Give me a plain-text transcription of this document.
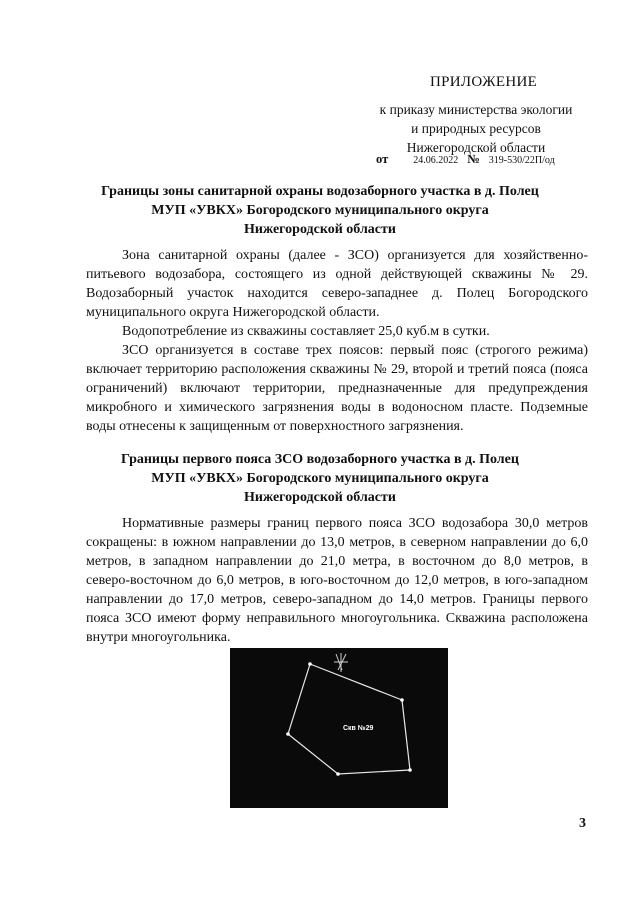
ПРИЛОЖЕНИЕ
к приказу министерства экологии
и природных ресурсов
Нижегородской области
от	24.06.2022 № 319-530/22П/од
Границы зоны санитарной охраны водозаборного участка в д. Полец
МУП «УВКХ» Богородского муниципального округа
Нижегородской области

Зона санитарной охраны (далее - ЗСО) организуется для хозяйственно-питьевого водозабора, состоящего из одной действующей скважины № 29. Водозаборный участок находится северо-западнее д. Полец Богородского муниципального округа Нижегородской области.

Водопотребление из скважины составляет 25,0 куб.м в сутки.

ЗСО организуется в составе трех поясов: первый пояс (строгого режима) включает территорию расположения скважины № 29, второй и третий пояса (пояса ограничений) включают территории, предназначенные для предупреждения микробного и химического загрязнения воды в водоносном пласте. Подземные воды отнесены к защищенным от поверхностного загрязнения.

Границы первого пояса ЗСО водозаборного участка в д. Полец
МУП «УВКХ» Богородского муниципального округа
Нижегородской области

Нормативные размеры границ первого пояса ЗСО водозабора 30,0 метров сокращены: в южном направлении до 13,0 метров, в северном направлении до 6,0 метров, в западном направлении до 21,0 метра, в восточном до 8,0 метров, в северо-восточном до 6,0 метров, в юго-восточном до 12,0 метров, в юго-западном направлении до 17,0 метров, северо-западном до 14,0 метров. Границы первого пояса ЗСО имеют форму неправильного многоугольника. Скважина расположена внутри многоугольника.

Скв №29
3
